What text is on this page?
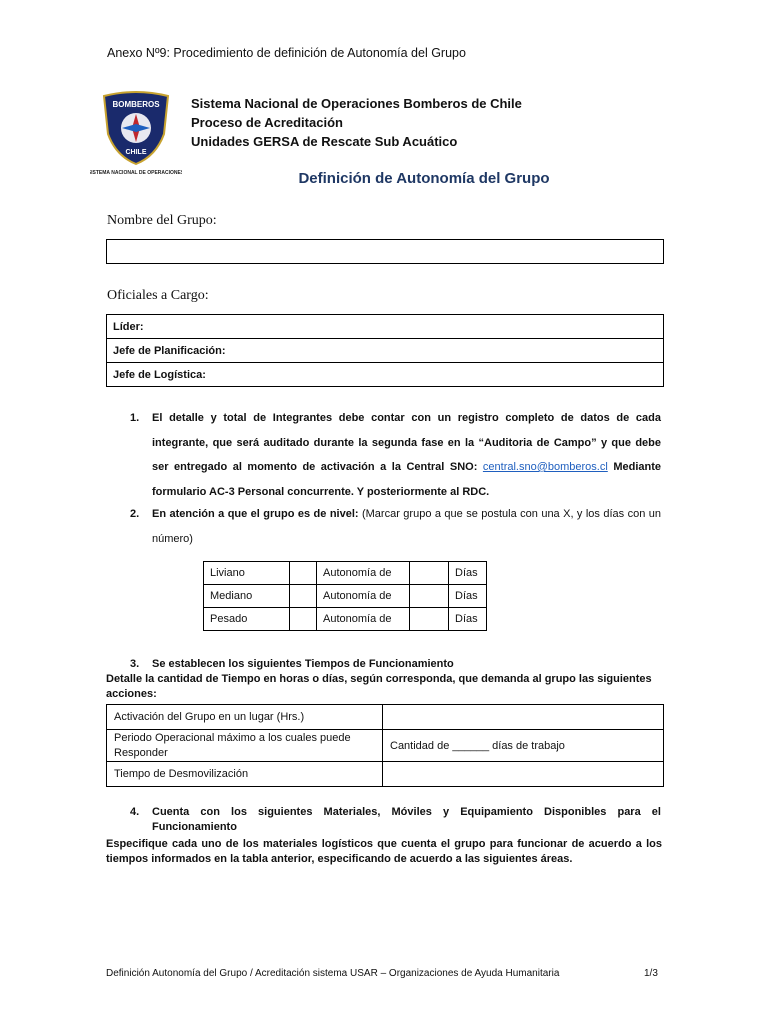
Anexo Nº9: Procedimiento de definición de Autonomía del Grupo
BOMBEROS
CHILE
SISTEMA NACIONAL DE OPERACIONES
Sistema Nacional de Operaciones Bomberos de Chile
Proceso de Acreditación
Unidades GERSA de Rescate Sub Acuático
Definición de Autonomía del Grupo
Nombre del Grupo:
Oficiales a Cargo:
Líder:
Jefe de Planificación:
Jefe de Logística:
1. El detalle y total de Integrantes debe contar con un registro completo de datos de cada integrante, que será auditado durante la segunda fase en la “Auditoria de Campo” y que debe ser entregado al momento de activación a la Central SNO: central.sno@bomberos.cl Mediante formulario AC-3 Personal concurrente. Y posteriormente al RDC.
2. En atención a que el grupo es de nivel: (Marcar grupo a que se postula con una X, y los días con un número)
Liviano		Autonomía de		Días
Mediano		Autonomía de		Días
Pesado		Autonomía de		Días
3. Se establecen los siguientes Tiempos de Funcionamiento
Detalle la cantidad de Tiempo en horas o días, según corresponda, que demanda al grupo las siguientes acciones:
Activación del Grupo en un lugar (Hrs.)	
Periodo Operacional máximo a los cuales puede Responder	Cantidad de ______ días de trabajo
Tiempo de Desmovilización	
4. Cuenta con los siguientes Materiales, Móviles y Equipamiento Disponibles para el Funcionamiento
Especifique cada uno de los materiales logísticos que cuenta el grupo para funcionar de acuerdo a los tiempos informados en la tabla anterior, especificando de acuerdo a las siguientes áreas.
Definición Autonomía del Grupo / Acreditación sistema USAR – Organizaciones de Ayuda Humanitaria	1/3
